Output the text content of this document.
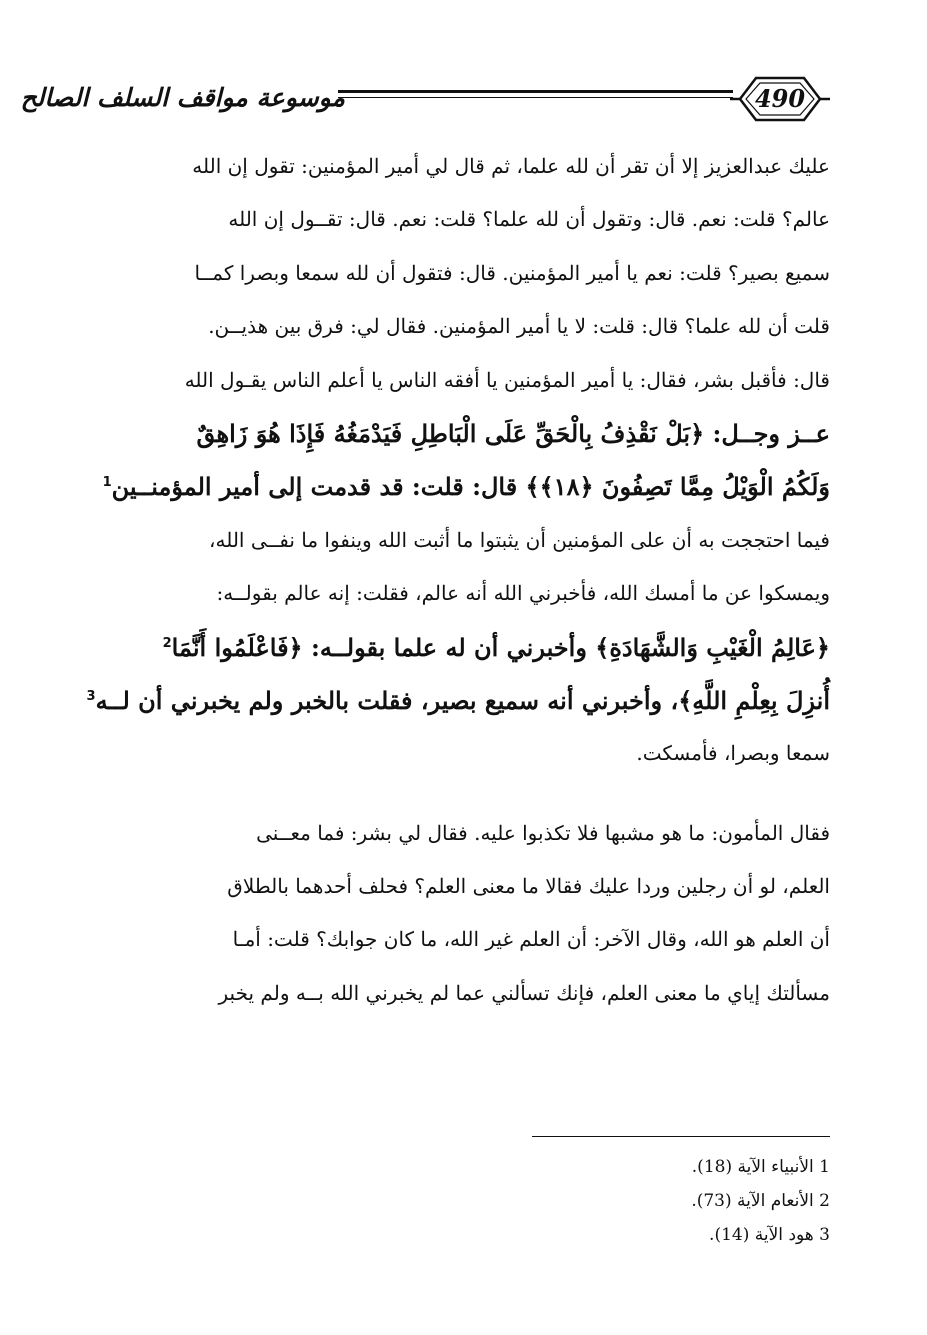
موسوعة مواقف السلف الصالح	490
عليك عبدالعزيز إلا أن تقر أن لله علما، ثم قال لي أمير المؤمنين: تقول إن الله
عالم؟ قلت: نعم. قال: وتقول أن لله علما؟ قلت: نعم. قال: تقــول إن الله
سميع بصير؟ قلت: نعم يا أمير المؤمنين. قال: فتقول أن لله سمعا وبصرا كمــا
قلت أن لله علما؟ قال: قلت: لا يا أمير المؤمنين. فقال لي: فرق بين هذيــن.
قال: فأقبل بشر، فقال: يا أمير المؤمنين يا أفقه الناس يا أعلم الناس يقـول الله
عــز وجــل: ﴿بَلْ نَقْذِفُ بِالْحَقِّ عَلَى الْبَاطِلِ فَيَدْمَغُهُ فَإِذَا هُوَ زَاهِقٌ
وَلَكُمُ الْوَيْلُ مِمَّا تَصِفُونَ ﴿١٨﴾﴾ قال: قلت: قد قدمت إلى أمير المؤمنــين$^1$
فيما احتججت به أن على المؤمنين أن يثبتوا ما أثبت الله وينفوا ما نفــى الله،
ويمسكوا عن ما أمسك الله، فأخبرني الله أنه عالم، فقلت: إنه عالم بقولــه:
﴿عَالِمُ الْغَيْبِ وَالشَّهَادَةِ﴾ وأخبرني أن له علما بقولــه: ﴿فَاعْلَمُوا أَنَّمَا$^2$
أُنزِلَ بِعِلْمِ اللَّهِ﴾، وأخبرني أنه سميع بصير، فقلت بالخبر ولم يخبرني أن لــه$^3$
سمعا وبصرا، فأمسكت.
فقال المأمون: ما هو مشبها فلا تكذبوا عليه. فقال لي بشر: فما معــنى
العلم، لو أن رجلين وردا عليك فقالا ما معنى العلم؟ فحلف أحدهما بالطلاق
أن العلم هو الله، وقال الآخر: أن العلم غير الله، ما كان جوابك؟ قلت: أمـا
مسألتك إياي ما معنى العلم، فإنك تسألني عما لم يخبرني الله بــه ولم يخبر
1 الأنبياء الآية (18).
2 الأنعام الآية (73).
3 هود الآية (14).
